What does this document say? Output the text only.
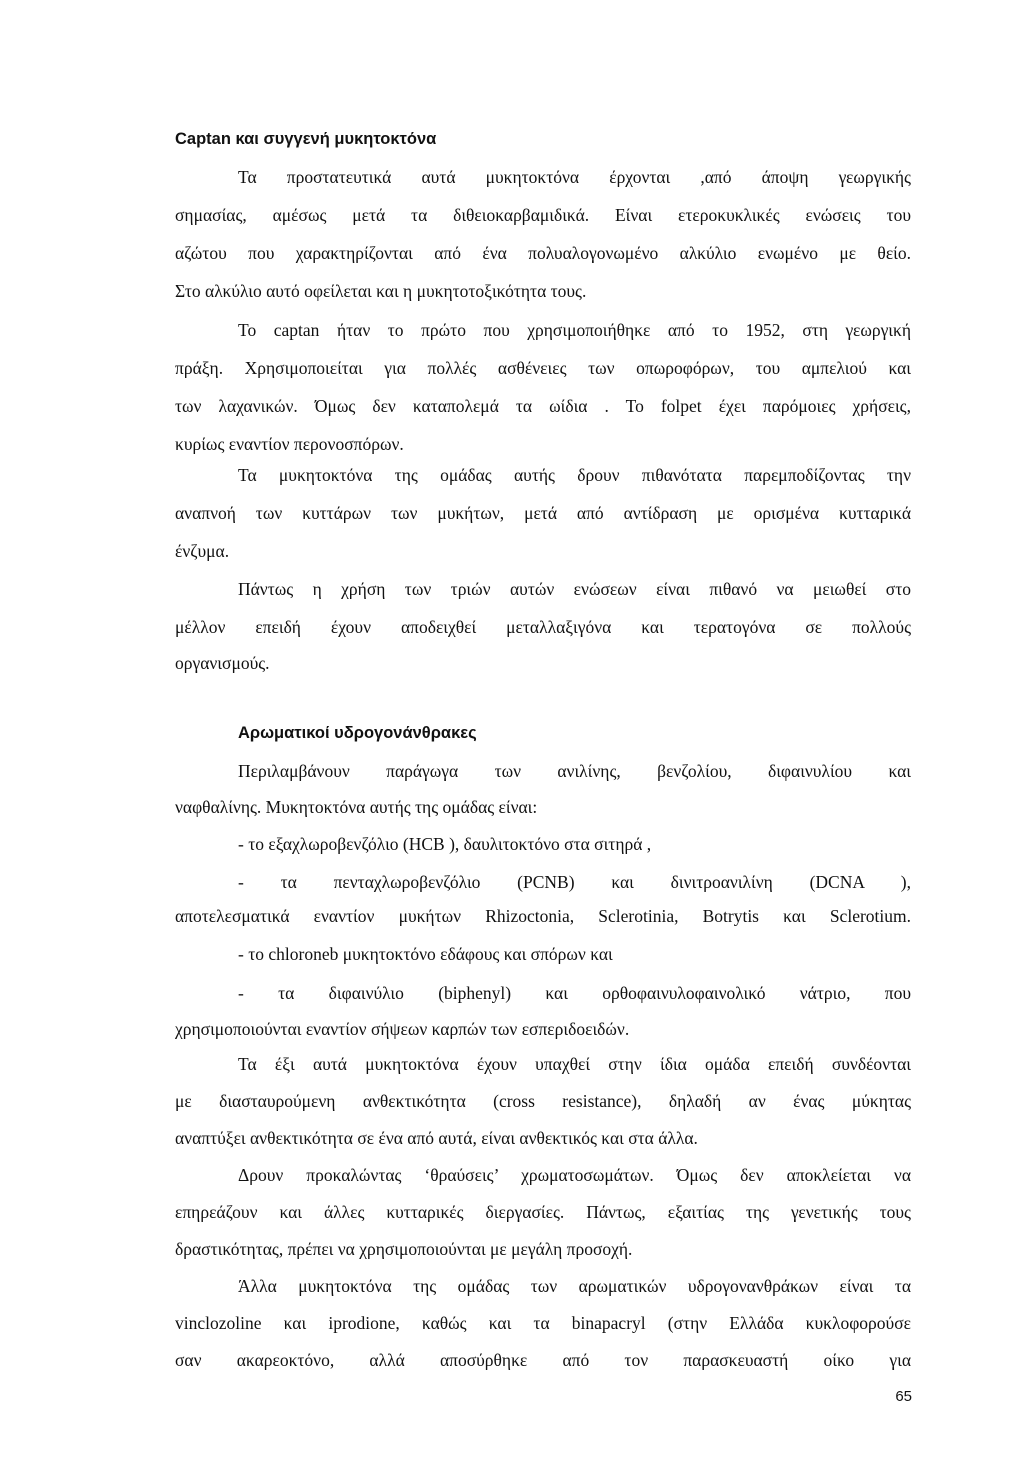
Captan και συγγενή μυκητοκτόνα
Τα προστατευτικά αυτά μυκητοκτόνα έρχονται ,από άποψη γεωργικής
σημασίας, αμέσως μετά τα διθειοκαρβαμιδικά. Είναι ετεροκυκλικές ενώσεις του
αζώτου που χαρακτηρίζονται από ένα πολυαλογονωμένο αλκύλιο ενωμένο με θείο.
Στο αλκύλιο αυτό οφείλεται και η μυκητοτοξικότητα τους.
Το captan ήταν το πρώτο που χρησιμοποιήθηκε από το 1952, στη γεωργική
πράξη. Χρησιμοποιείται για πολλές ασθένειες των οπωροφόρων, του αμπελιού και
των λαχανικών. Όμως δεν καταπολεμά τα ωίδια . Το folpet έχει παρόμοιες χρήσεις,
κυρίως εναντίον περονοσπόρων.
Τα μυκητοκτόνα της ομάδας αυτής δρουν πιθανότατα παρεμποδίζοντας την
αναπνοή των κυττάρων των μυκήτων, μετά από αντίδραση με ορισμένα κυτταρικά
ένζυμα.
Πάντως η χρήση των τριών αυτών ενώσεων είναι πιθανό να μειωθεί στο
μέλλον επειδή έχουν αποδειχθεί μεταλλαξιγόνα και τερατογόνα σε πολλούς
οργανισμούς.
Αρωματικοί υδρογονάνθρακες
Περιλαμβάνουν παράγωγα των ανιλίνης, βενζολίου, διφαινυλίου και
ναφθαλίνης. Μυκητοκτόνα αυτής της ομάδας είναι:
- το εξαχλωροβενζόλιο (HCB ), δαυλιτοκτόνο στα σιτηρά ,
- τα πενταχλωροβενζόλιο (PCNB) και δινιτροανιλίνη (DCNA ),
αποτελεσματικά εναντίον μυκήτων Rhizoctonia, Sclerotinia, Botrytis και Sclerotium.
- το chloroneb μυκητοκτόνο εδάφους και σπόρων και
- τα διφαινύλιο (biphenyl) και ορθοφαινυλοφαινολικό νάτριο, που
χρησιμοποιούνται εναντίον σήψεων καρπών των εσπεριδοειδών.
Τα έξι αυτά μυκητοκτόνα έχουν υπαχθεί στην ίδια ομάδα επειδή συνδέονται
με διασταυρούμενη ανθεκτικότητα (cross resistance), δηλαδή αν ένας μύκητας
αναπτύξει ανθεκτικότητα σε ένα από αυτά, είναι ανθεκτικός και στα άλλα.
Δρουν προκαλώντας ‘θραύσεις’ χρωματοσωμάτων. Όμως δεν αποκλείεται να
επηρεάζουν και άλλες κυτταρικές διεργασίες. Πάντως, εξαιτίας της γενετικής τους
δραστικότητας, πρέπει να χρησιμοποιούνται με μεγάλη προσοχή.
Άλλα μυκητοκτόνα της ομάδας των αρωματικών υδρογονανθράκων είναι τα
vinclozoline και iprodione, καθώς και τα binapacryl (στην Ελλάδα κυκλοφορούσε
σαν ακαρεοκτόνο, αλλά αποσύρθηκε από τον παρασκευαστή οίκο για
65
